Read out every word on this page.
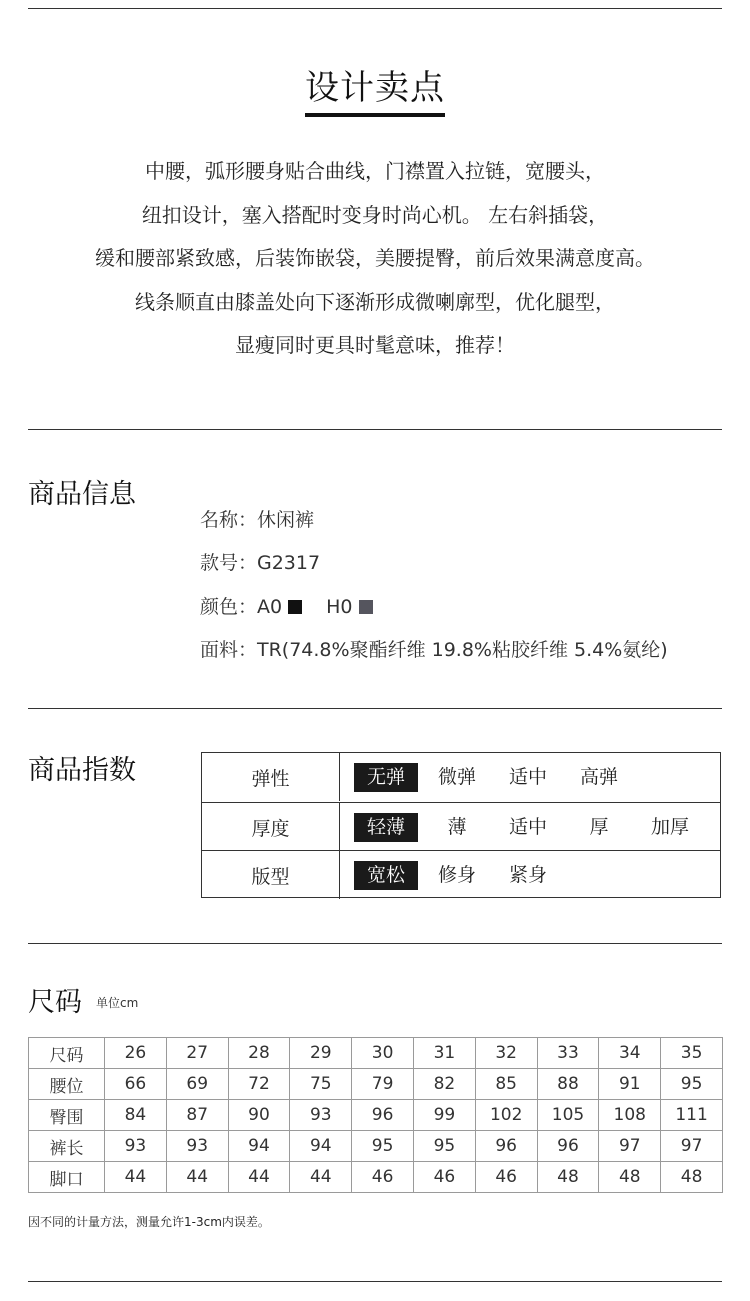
设计卖点
中腰，弧形腰身贴合曲线，门襟置入拉链，宽腰头，
纽扣设计，塞入搭配时变身时尚心机。 左右斜插袋，
缓和腰部紧致感，后装饰嵌袋，美腰提臀，前后效果满意度高。
线条顺直由膝盖处向下逐渐形成微喇廓型，优化腿型，
显瘦同时更具时髦意味，推荐！
商品信息
名称：休闲裤
款号：G2317
颜色：A0 H0
面料：TR(74.8%聚酯纤维 19.8%粘胶纤维 5.4%氨纶)
商品指数	弹性	无弹	微弹	适中	高弹
厚度	轻薄	薄	适中	厚	加厚
版型	宽松	修身	紧身
尺码 单位cm
尺码	26	27	28	29	30	31	32	33	34	35
腰位	66	69	72	75	79	82	85	88	91	95
臀围	84	87	90	93	96	99	102	105	108	111
裤长	93	93	94	94	95	95	96	96	97	97
脚口	44	44	44	44	46	46	46	48	48	48
因不同的计量方法，测量允许1-3cm内误差。
